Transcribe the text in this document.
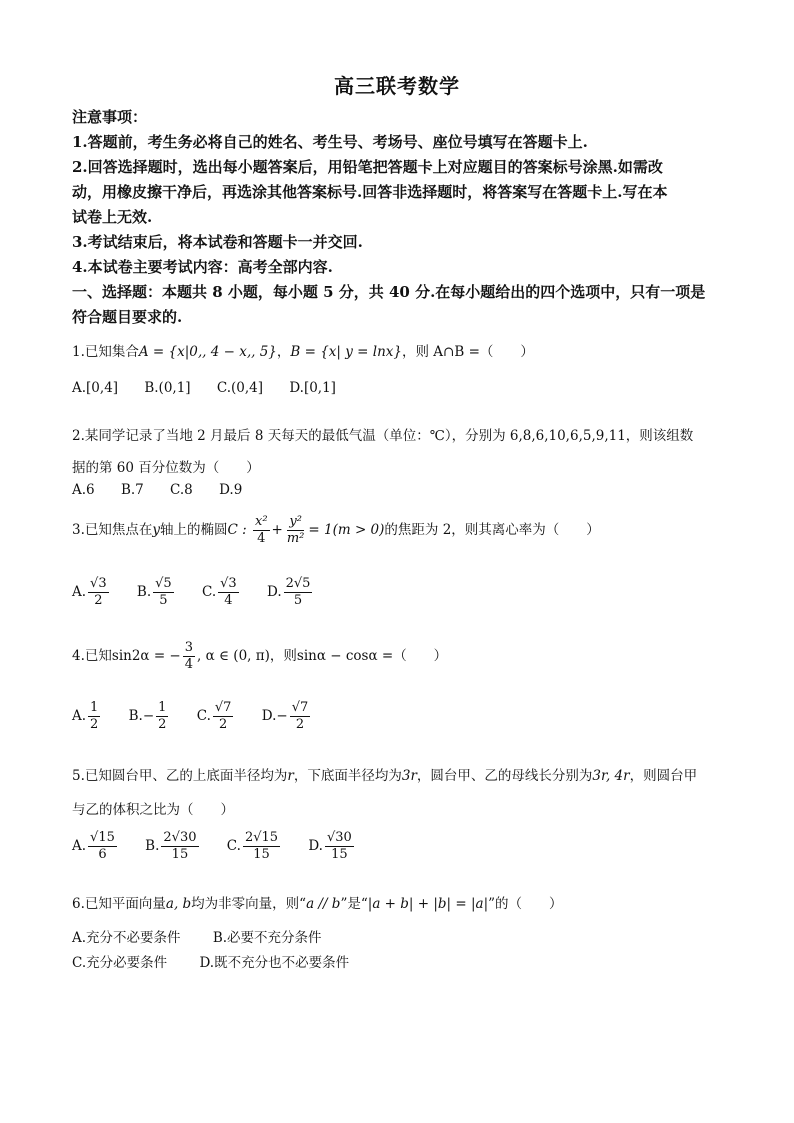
高三联考数学
注意事项：
1.答题前，考生务必将自己的姓名、考生号、考场号、座位号填写在答题卡上.
2.回答选择题时，选出每小题答案后，用铅笔把答题卡上对应题目的答案标号涂黑.如需改
动，用橡皮擦干净后，再选涂其他答案标号.回答非选择题时，将答案写在答题卡上.写在本
试卷上无效.
3.考试结束后，将本试卷和答题卡一并交回.
4.本试卷主要考试内容：高考全部内容.
一、选择题：本题共 8 小题，每小题 5 分，共 40 分.在每小题给出的四个选项中，只有一项是
符合题目要求的.
1.已知集合A = {x|0‚, 4 − x‚, 5}，B = {x| y = lnx}，则 A∩B =（　　）
A.[0,4] B.(0,1] C.(0,4] D.[0,1]
2.某同学记录了当地 2 月最后 8 天每天的最低气温（单位：℃），分别为 6,8,6,10,6,5,9,11，则该组数
据的第 60 百分位数为（　　）
A.6 B.7 C.8 D.9
3.已知焦点在y轴上的椭圆C : $\frac{\text{x²}}{4} + \frac{\text{y²}}{\text{m²}} = 1(m > 0)$的焦距为 2，则其离心率为（　　）
A. $\frac{√3}{2} B$. $\frac{√5}{5} C$. $\frac{√3}{4} D$. $\frac{2√5}{5}$
4.已知sin2α = − $\frac{3}{4}$ , α ∈ (0, π)，则sinα − cosα =（　　）
A. $\frac{1}{2} B.- \frac{1}{2} C$. $\frac{√7}{2} D.- \frac{√7}{2}$
5.已知圆台甲、乙的上底面半径均为r，下底面半径均为3r，圆台甲、乙的母线长分别为3r, 4r，则圆台甲
与乙的体积之比为（　　）
A. $\frac{√15}{6} B$. $\frac{2√30}{15} C$. $\frac{2√15}{15} D$. $\frac{√30}{15}$
6.已知平面向量a, b均为非零向量，则“a // b”是“|a + b| + |b| = |a|”的（　　）
A.充分不必要条件 B.必要不充分条件
C.充分必要条件 D.既不充分也不必要条件
